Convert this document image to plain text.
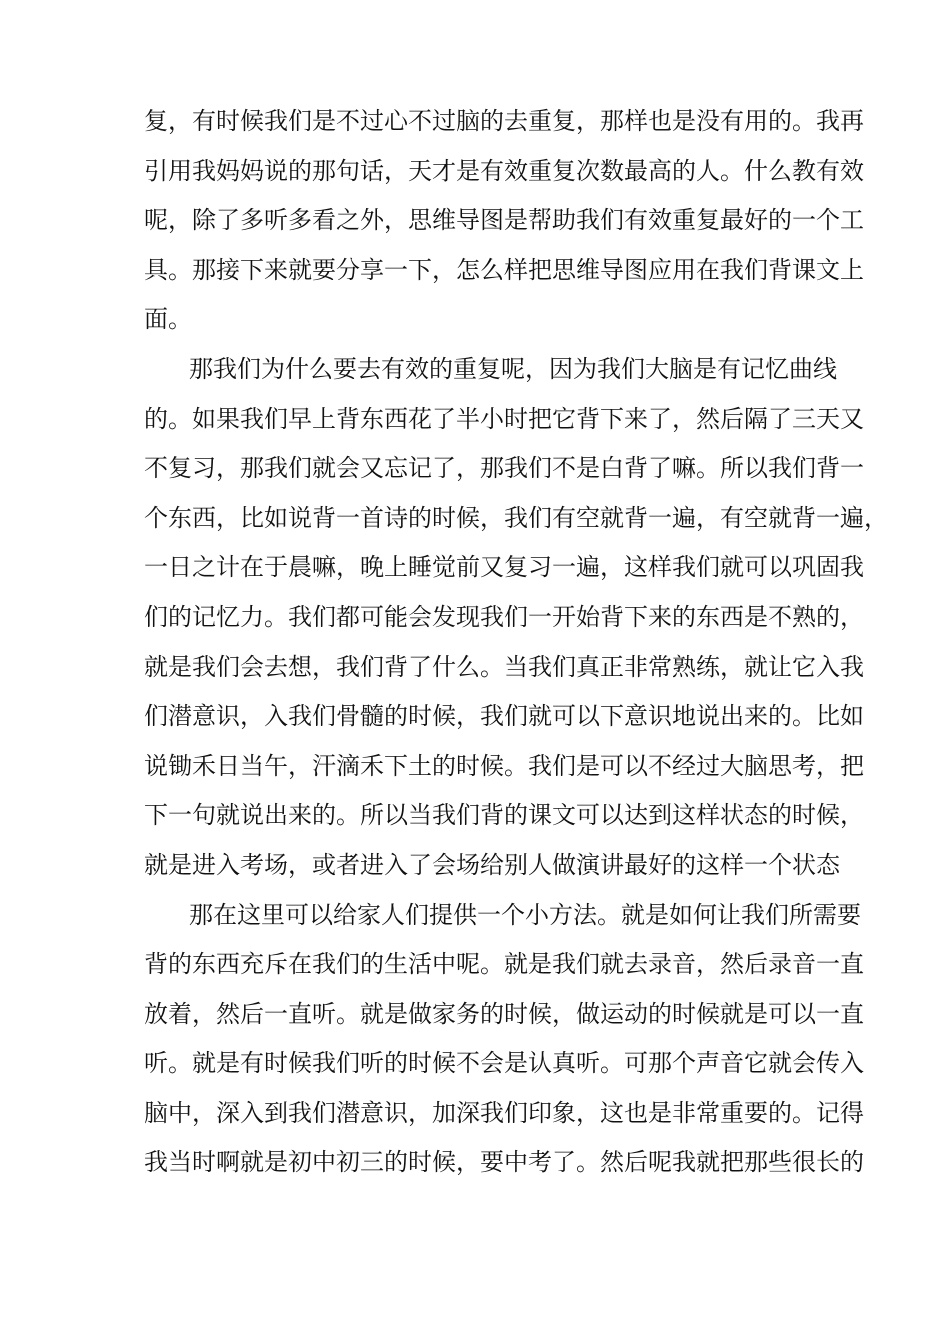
复，有时候我们是不过心不过脑的去重复，那样也是没有用的。我再
引用我妈妈说的那句话，天才是有效重复次数最高的人。什么教有效
呢，除了多听多看之外，思维导图是帮助我们有效重复最好的一个工
具。那接下来就要分享一下，怎么样把思维导图应用在我们背课文上
面。
那我们为什么要去有效的重复呢，因为我们大脑是有记忆曲线
的。如果我们早上背东西花了半小时把它背下来了，然后隔了三天又
不复习，那我们就会又忘记了，那我们不是白背了嘛。所以我们背一
个东西，比如说背一首诗的时候，我们有空就背一遍，有空就背一遍，
一日之计在于晨嘛，晚上睡觉前又复习一遍，这样我们就可以巩固我
们的记忆力。我们都可能会发现我们一开始背下来的东西是不熟的，
就是我们会去想，我们背了什么。当我们真正非常熟练，就让它入我
们潜意识，入我们骨髓的时候，我们就可以下意识地说出来的。比如
说锄禾日当午，汗滴禾下土的时候。我们是可以不经过大脑思考，把
下一句就说出来的。所以当我们背的课文可以达到这样状态的时候，
就是进入考场，或者进入了会场给别人做演讲最好的这样一个状态
那在这里可以给家人们提供一个小方法。就是如何让我们所需要
背的东西充斥在我们的生活中呢。就是我们就去录音，然后录音一直
放着，然后一直听。就是做家务的时候，做运动的时候就是可以一直
听。就是有时候我们听的时候不会是认真听。可那个声音它就会传入
脑中，深入到我们潜意识，加深我们印象，这也是非常重要的。记得
我当时啊就是初中初三的时候，要中考了。然后呢我就把那些很长的
